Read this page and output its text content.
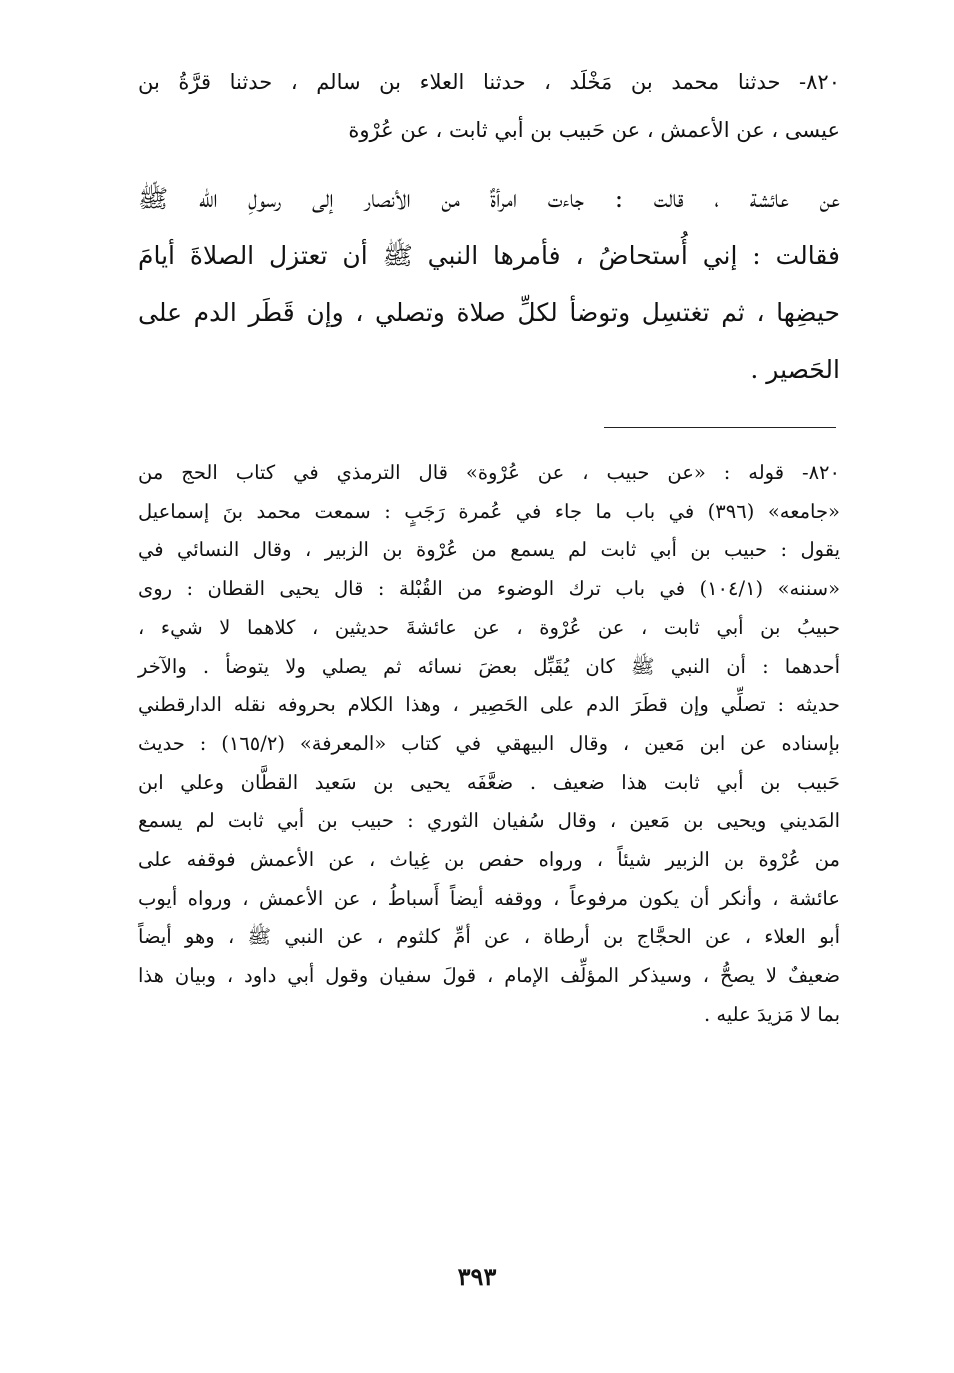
٨٢٠- حدثنا محمد بن مَخْلَد ، حدثنا العلاء بن سالم ، حدثنا قرَّةُ بن
عيسى ، عن الأعمش ، عن حَبيب بن أبي ثابت ، عن عُرْوة
عن عائشة ، قالت : جاءت امرأةٌ من الأنصار إلى رسولِ الله ﷺ
فقالت : إني أُستحاضُ ، فأمرها النبي ﷺ أن تعتزل الصلاةَ أيامَ
حيضِها ، ثم تغتسِل وتوضأ لكلِّ صلاة وتصلي ، وإن قَطَر الدم على
الحَصير .
٨٢٠- قوله : «عن حبيب ، عن عُرْوة» قال الترمذي في كتاب الحج من
«جامعه» (٣٩٦) في باب ما جاء في عُمرة رَجَبٍ : سمعت محمد بنَ إسماعيل
يقول : حبيب بن أبي ثابت لم يسمع من عُرْوة بن الزبير ، وقال النسائي في
«سننه» (١٠٤/١) في باب ترك الوضوء من القُبْلة : قال يحيى القطان : روى
حبيبُ بن أبي ثابت ، عن عُرْوة ، عن عائشةَ حديثين ، كلاهما لا شيء ،
أحدهما : أن النبي ﷺ كان يُقَبِّل بعضَ نسائه ثم يصلي ولا يتوضأ . والآخر
حديثه : تصلِّي وإن قطَرَ الدم على الحَصِير ، وهذا الكلام بحروفه نقله الدارقطني
بإسناده عن ابن مَعين ، وقال البيهقي في كتاب «المعرفة» (١٦٥/٢) : حديث
حَبيب بن أبي ثابت هذا ضعيف . ضعَّفَه يحيى بن سَعيد القطَّان وعلي ابن
المَديني ويحيى بن مَعين ، وقال سُفيان الثوري : حبيب بن أبي ثابت لم يسمع
من عُرْوة بن الزبير شيئاً ، ورواه حفص بن غِياث ، عن الأعمش فوقفه على
عائشة ، وأنكر أن يكون مرفوعاً ، ووقفه أيضاً أَسباطُ ، عن الأعمش ، ورواه أيوب
أبو العلاء ، عن الحجَّاج بن أرطاة ، عن أمِّ كلثوم ، عن النبي ﷺ ، وهو أيضاً
ضعيفٌ لا يصحُّ ، وسيذكر المؤلِّف الإمام ، قولَ سفيان وقول أبي داود ، وبيان هذا
بما لا مَزيدَ عليه .
٣٩٣
